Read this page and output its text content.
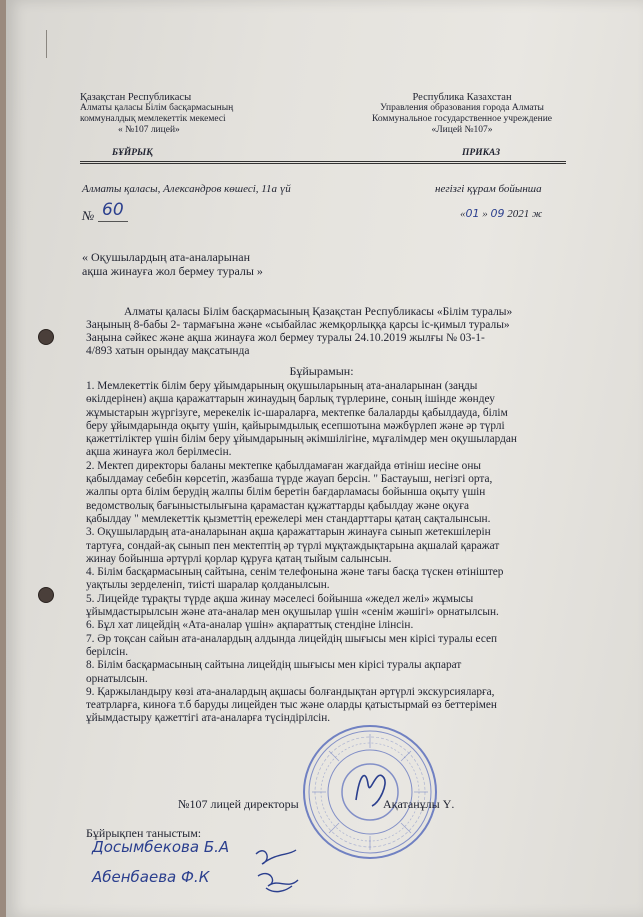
Қазақстан Республикасы
Алматы қаласы Білім басқармасының
коммуналдық мемлекеттік мекемесі
« №107 лицей»
Республика Казахстан
Управления образования города Алматы
Коммунальное государственное учреждение
«Лицей №107»
БҰЙРЫҚ	ПРИКАЗ
Алматы қаласы, Александров көшесі, 11а үй	негізгі құрам бойынша
№ 60	«01 » 09 2021 ж
« Оқушылардың ата-аналарынан
ақша жинауға жол бермеу туралы »

Алматы қаласы Білім басқармасының Қазақстан Республикасы «Білім туралы»

Заңының 8-бабы 2- тармағына және «сыбайлас жемқорлыққа қарсы іс-қимыл туралы»

Заңына сәйкес және ақша жинауға жол бермеу туралы 24.10.2019 жылғы № 03-1-

4/893 хатын орындау мақсатында

Бұйырамын:

1. Мемлекеттік білім беру ұйымдарының оқушыларының ата-аналарынан (заңды

өкілдерінен) ақша қаражаттарын жинаудың барлық түрлерине, соның ішінде жөндеу

жұмыстарын жүргізуге, мерекелік іс-шараларға, мектепке балаларды қабылдауда, білім

беру ұйымдарында оқыту үшін, қайырымдылық есепшотына мәжбүрлеп және әр түрлі

қажеттіліктер үшін білім беру ұйымдарының әкімшілігіне, мұғалімдер мен оқушылардан

ақша жинауға жол берілмесін.

2. Мектеп директоры баланы мектепке қабылдамаған жағдайда өтініш иесіне оны

қабылдамау себебін көрсетіп, жазбаша түрде жауап берсін. " Бастауыш, негізгі орта,

жалпы орта білім берудің жалпы білім беретін бағдарламасы бойынша оқыту үшін

ведомстволық бағыныстылығына қарамастан құжаттарды қабылдау және оқуға

қабылдау " мемлекеттік қызметтің ережелері мен стандарттары қатаң сақталынсын.

3. Оқушылардың ата-аналарынан ақша қаражаттарын жинауға сынып жетекшілерін

тартуға, сондай-ақ сынып пен мектептің әр түрлі мұқтаждықтарына ақшалай қаражат

жинау бойынша әртүрлі қорлар құруға қатаң тыйым салынсын.

4. Білім басқармасының сайтына, сенім телефонына және тағы басқа түскен өтініштер

уақтылы зерделеніп, тиісті шаралар қолданылсын.

5. Лицейде тұрақты түрде ақша жинау мәселесі бойынша «жедел желі» жұмысы

ұйымдастырылсын және ата-аналар мен оқушылар үшін «сенім жәшігі» орнатылсын.

6. Бұл хат лицейдің «Ата-аналар үшін» ақпараттық стендіне ілінсін.

7. Әр тоқсан сайын ата-аналардың алдында лицейдің шығысы мен кірісі туралы есеп

берілсін.

8. Білім басқармасының сайтына лицейдің шығысы мен кірісі туралы ақпарат

орнатылсын.

9. Қаржыландыру көзі ата-аналардың ақшасы болғандықтан әртүрлі экскурсияларға,

театрларға, киноға т.б баруды лицейден тыс және оларды қатыстырмай өз беттерімен

ұйымдастыру қажеттігі ата-аналарға түсіндірілсін.

№107 лицей директоры	Ақатанұлы Ү.
Бұйрықпен таныстым:
Досымбекова Б.А
Абенбаева Ф.К
